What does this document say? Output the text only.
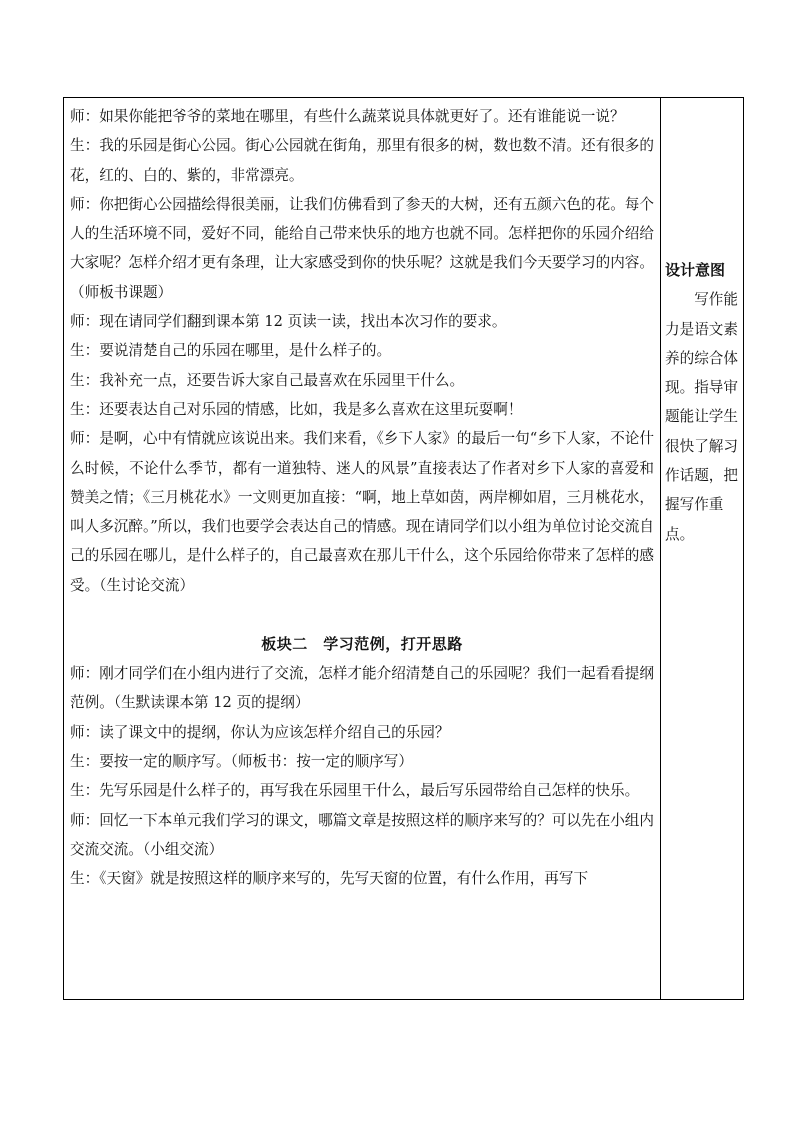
师：如果你能把爷爷的菜地在哪里，有些什么蔬菜说具体就更好了。还有谁能说一说？

生：我的乐园是街心公园。街心公园就在街角，那里有很多的树，数也数不清。还有很多的花，红的、白的、紫的，非常漂亮。

师：你把街心公园描绘得很美丽，让我们仿佛看到了参天的大树，还有五颜六色的花。每个人的生活环境不同，爱好不同，能给自己带来快乐的地方也就不同。怎样把你的乐园介绍给大家呢？怎样介绍才更有条理，让大家感受到你的快乐呢？这就是我们今天要学习的内容。（师板书课题）

师：现在请同学们翻到课本第 12 页读一读，找出本次习作的要求。

生：要说清楚自己的乐园在哪里，是什么样子的。

生：我补充一点，还要告诉大家自己最喜欢在乐园里干什么。

生：还要表达自己对乐园的情感，比如，我是多么喜欢在这里玩耍啊！

师：是啊，心中有情就应该说出来。我们来看，《乡下人家》的最后一句“乡下人家，不论什么时候，不论什么季节，都有一道独特、迷人的风景”直接表达了作者对乡下人家的喜爱和赞美之情；《三月桃花水》一文则更加直接：“啊，地上草如茵，两岸柳如眉，三月桃花水，叫人多沉醉。”所以，我们也要学会表达自己的情感。现在请同学们以小组为单位讨论交流自己的乐园在哪儿，是什么样子的，自己最喜欢在那儿干什么，这个乐园给你带来了怎样的感受。（生讨论交流）

板块二　学习范例，打开思路

师：刚才同学们在小组内进行了交流，怎样才能介绍清楚自己的乐园呢？我们一起看看提纲范例。（生默读课本第 12 页的提纲）

师：读了课文中的提纲，你认为应该怎样介绍自己的乐园？

生：要按一定的顺序写。（师板书：按一定的顺序写）

生：先写乐园是什么样子的，再写我在乐园里干什么，最后写乐园带给自己怎样的快乐。

师：回忆一下本单元我们学习的课文，哪篇文章是按照这样的顺序来写的？可以先在小组内交流交流。（小组交流）

生：《天窗》就是按照这样的顺序来写的，先写天窗的位置，有什么作用，再写下

设计意图

写作能力是语文素养的综合体现。指导审题能让学生很快了解习作话题，把握写作重点。
